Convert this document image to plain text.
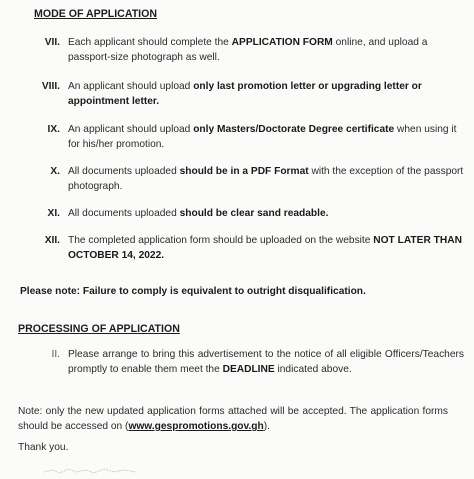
MODE OF APPLICATION
VII. Each applicant should complete the APPLICATION FORM online, and upload a passport-size photograph as well.
VIII. An applicant should upload only last promotion letter or upgrading letter or appointment letter.
IX. An applicant should upload only Masters/Doctorate Degree certificate when using it for his/her promotion.
X. All documents uploaded should be in a PDF Format with the exception of the passport photograph.
XI. All documents uploaded should be clear sand readable.
XII. The completed application form should be uploaded on the website NOT LATER THAN OCTOBER 14, 2022.
Please note: Failure to comply is equivalent to outright disqualification.
PROCESSING OF APPLICATION
II. Please arrange to bring this advertisement to the notice of all eligible Officers/Teachers promptly to enable them meet the DEADLINE indicated above.
Note: only the new updated application forms attached will be accepted. The application forms should be accessed on (www.gespromotions.gov.gh).
Thank you.
